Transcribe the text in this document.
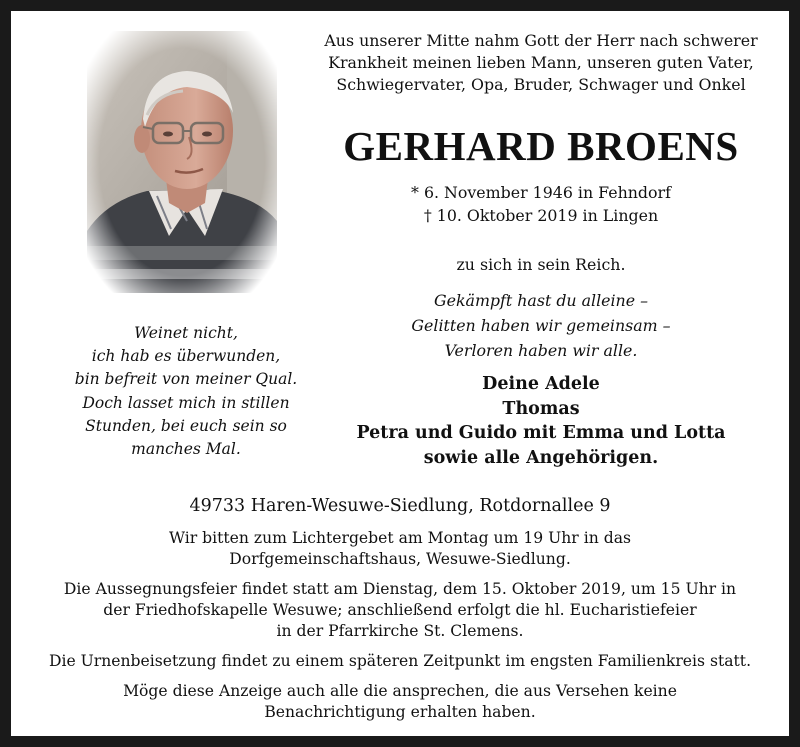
Aus unserer Mitte nahm Gott der Herr nach schwerer
Krankheit meinen lieben Mann, unseren guten Vater,
Schwiegervater, Opa, Bruder, Schwager und Onkel
GERHARD BROENS
* 6. November 1946 in Fehndorf
† 10. Oktober 2019 in Lingen
zu sich in sein Reich.
Gekämpft hast du alleine –
Gelitten haben wir gemeinsam –
Verloren haben wir alle.
Weinet nicht,
ich hab es überwunden,
bin befreit von meiner Qual.
Doch lasset mich in stillen
Stunden, bei euch sein so
manches Mal.
Deine Adele
Thomas
Petra und Guido mit Emma und Lotta
sowie alle Angehörigen.
49733 Haren-Wesuwe-Siedlung, Rotdornallee 9

Wir bitten zum Lichtergebet am Montag um 19 Uhr in das
Dorfgemeinschaftshaus, Wesuwe-Siedlung.

Die Aussegnungsfeier findet statt am Dienstag, dem 15. Oktober 2019, um 15 Uhr in
der Friedhofskapelle Wesuwe; anschließend erfolgt die hl. Eucharistiefeier
in der Pfarrkirche St. Clemens.

Die Urnenbeisetzung findet zu einem späteren Zeitpunkt im engsten Familienkreis statt.

Möge diese Anzeige auch alle die ansprechen, die aus Versehen keine
Benachrichtigung erhalten haben.
